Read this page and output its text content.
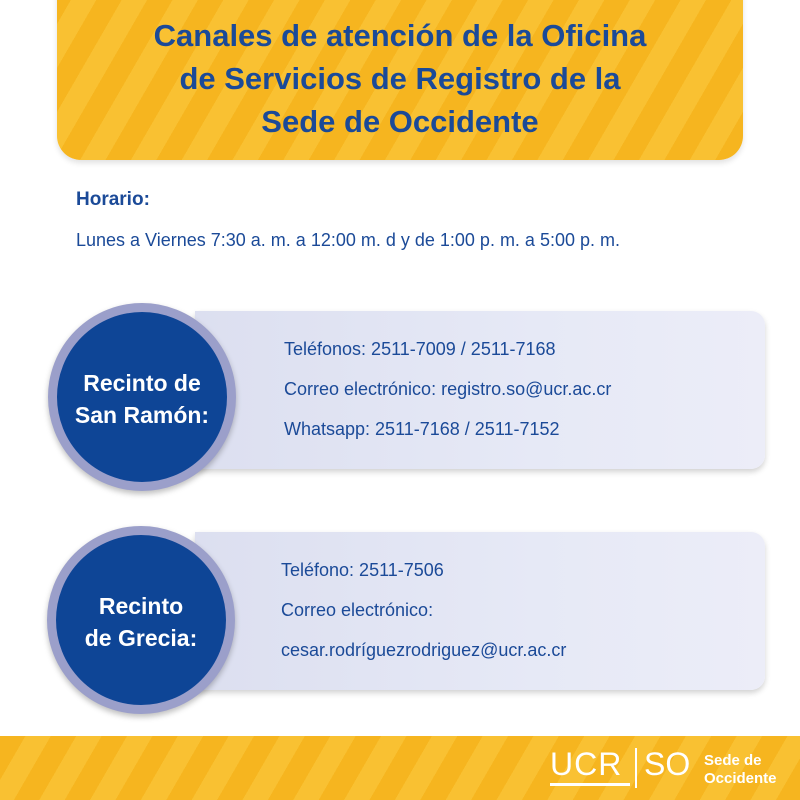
Canales de atención de la Oficina
de Servicios de Registro de la
Sede de Occidente
Horario:
Lunes a Viernes 7:30 a. m. a 12:00 m. d y de 1:00 p. m. a 5:00 p. m.
Recinto de
San Ramón:
Teléfonos: 2511-7009 / 2511-7168
Correo electrónico: registro.so@ucr.ac.cr
Whatsapp: 2511-7168 / 2511-7152
Recinto
de Grecia:
Teléfono: 2511-7506
Correo electrónico:
cesar.rodríguezrodriguez@ucr.ac.cr
UCR SO Sede de
Occidente
